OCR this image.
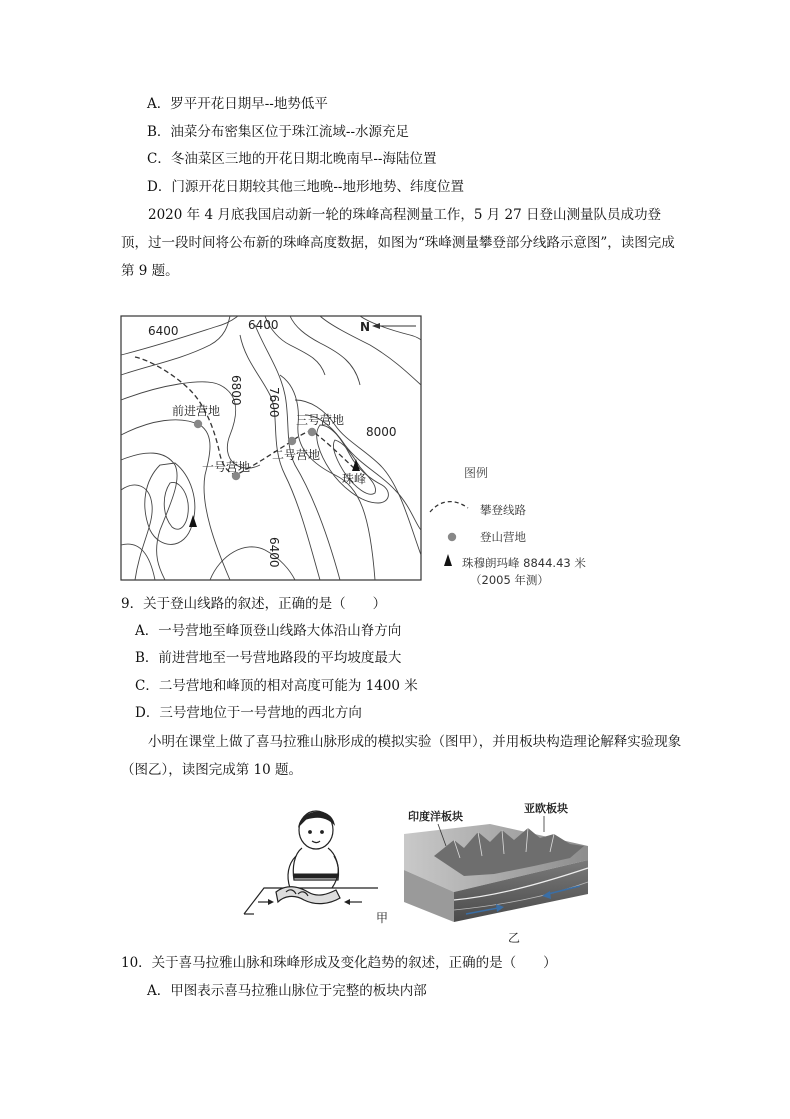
A．罗平开花日期早--地势低平
B．油菜分布密集区位于珠江流域--水源充足
C．冬油菜区三地的开花日期北晚南早--海陆位置
D．门源开花日期较其他三地晚--地形地势、纬度位置
2020 年 4 月底我国启动新一轮的珠峰高程测量工作，5 月 27 日登山测量队员成功登顶，过一段时间将公布新的珠峰高度数据，如图为“珠峰测量攀登部分线路示意图”，读图完成第 9 题。
N
6400	6400
6800 7600
8000
6400
前进营地
一号营地
二号营地
三号营地
珠峰	图例
攀登线路
登山营地
珠穆朗玛峰 8844.43 米
（2005 年测）
9．关于登山线路的叙述，正确的是（　　）
A．一号营地至峰顶登山线路大体沿山脊方向
B．前进营地至一号营地路段的平均坡度最大
C．二号营地和峰顶的相对高度可能为 1400 米
D．三号营地位于一号营地的西北方向
小明在课堂上做了喜马拉雅山脉形成的模拟实验（图甲），并用板块构造理论解释实验现象（图乙），读图完成第 10 题。
甲
印度洋板块
亚欧板块
乙
10．关于喜马拉雅山脉和珠峰形成及变化趋势的叙述，正确的是（　　）
A．甲图表示喜马拉雅山脉位于完整的板块内部
